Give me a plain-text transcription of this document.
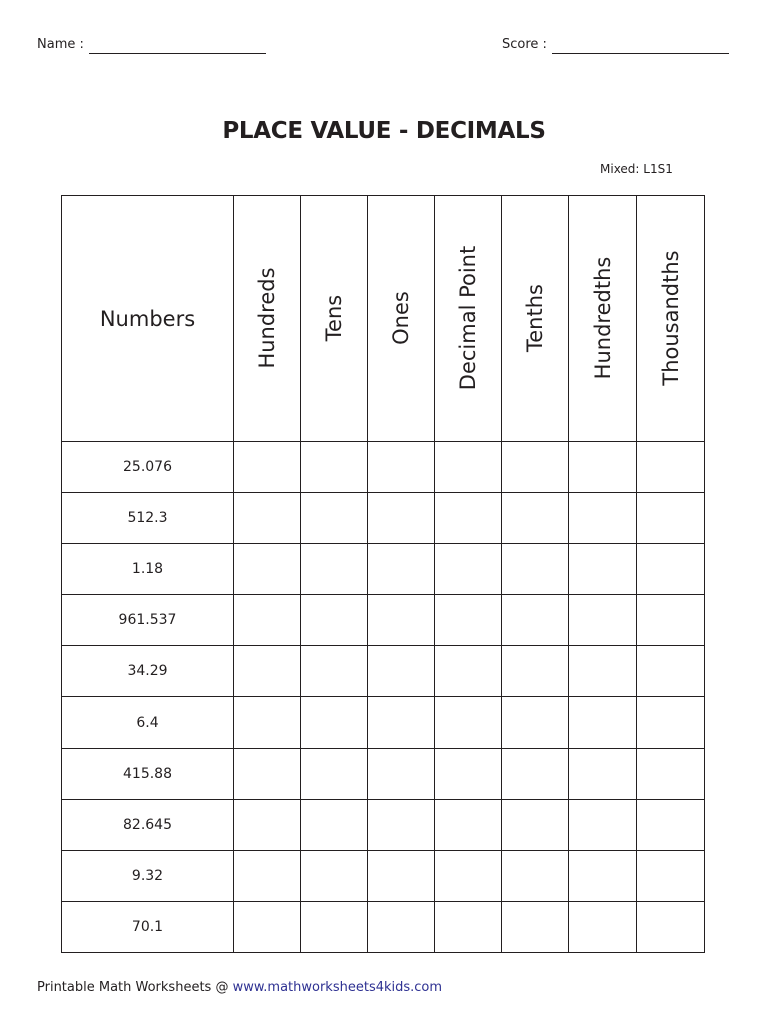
Name :	Score :
PLACE VALUE - DECIMALS
Mixed: L1S1
Numbers	Hundreds	Tens	Ones	Decimal Point	Tenths	Hundredths	Thousandths

25.076							
512.3							
1.18							
961.537							
34.29							
6.4							
415.88							
82.645							
9.32							
70.1							
Printable Math Worksheets @ www.mathworksheets4kids.com
